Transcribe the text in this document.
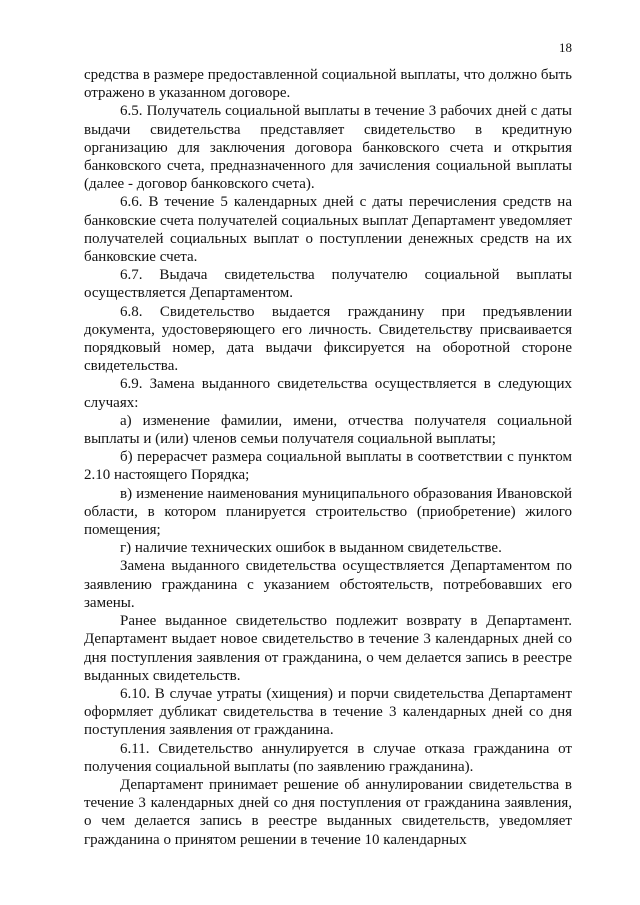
18

средства в размере предоставленной социальной выплаты, что должно быть отражено в указанном договоре.

6.5. Получатель социальной выплаты в течение 3 рабочих дней с даты выдачи свидетельства представляет свидетельство в кредитную организацию для заключения договора банковского счета и открытия банковского счета, предназначенного для зачисления социальной выплаты (далее - договор банковского счета).

6.6. В течение 5 календарных дней с даты перечисления средств на банковские счета получателей социальных выплат Департамент уведомляет получателей социальных выплат о поступлении денежных средств на их банковские счета.

6.7. Выдача свидетельства получателю социальной выплаты осуществляется Департаментом.

6.8. Свидетельство выдается гражданину при предъявлении документа, удостоверяющего его личность. Свидетельству присваивается порядковый номер, дата выдачи фиксируется на оборотной стороне свидетельства.

6.9. Замена выданного свидетельства осуществляется в следующих случаях:

а) изменение фамилии, имени, отчества получателя социальной выплаты и (или) членов семьи получателя социальной выплаты;

б) перерасчет размера социальной выплаты в соответствии с пунктом 2.10 настоящего Порядка;

в) изменение наименования муниципального образования Ивановской области, в котором планируется строительство (приобретение) жилого помещения;

г) наличие технических ошибок в выданном свидетельстве.

Замена выданного свидетельства осуществляется Департаментом по заявлению гражданина с указанием обстоятельств, потребовавших его замены.

Ранее выданное свидетельство подлежит возврату в Департамент. Департамент выдает новое свидетельство в течение 3 календарных дней со дня поступления заявления от гражданина, о чем делается запись в реестре выданных свидетельств.

6.10. В случае утраты (хищения) и порчи свидетельства Департамент оформляет дубликат свидетельства в течение 3 календарных дней со дня поступления заявления от гражданина.

6.11. Свидетельство аннулируется в случае отказа гражданина от получения социальной выплаты (по заявлению гражданина).

Департамент принимает решение об аннулировании свидетельства в течение 3 календарных дней со дня поступления от гражданина заявления, о чем делается запись в реестре выданных свидетельств, уведомляет гражданина о принятом решении в течение 10 календарных
